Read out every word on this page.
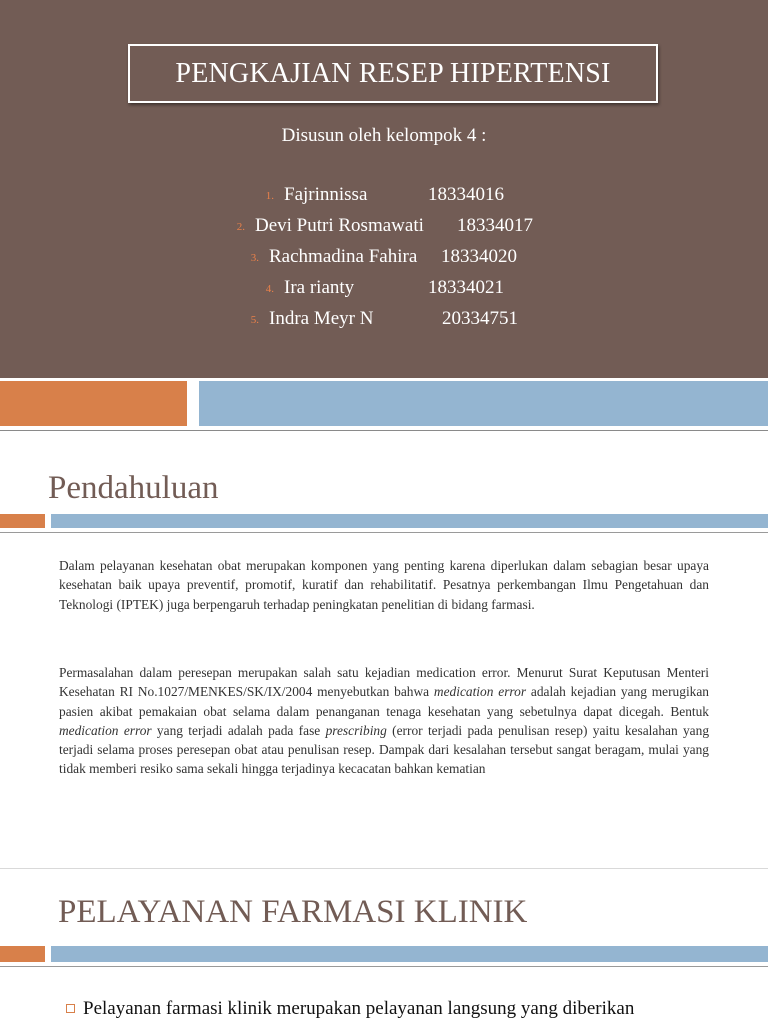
PENGKAJIAN RESEP HIPERTENSI
Disusun oleh kelompok 4 :
1. Fajrinnissa	18334016
2. Devi Putri Rosmawati 18334017
3. Rachmadina Fahira 18334020
4. Ira rianty	18334021
5. Indra Meyr N	20334751
Pendahuluan

Dalam pelayanan kesehatan obat merupakan komponen yang penting karena diperlukan dalam sebagian besar upaya kesehatan baik upaya preventif, promotif, kuratif dan rehabilitatif. Pesatnya perkembangan Ilmu Pengetahuan dan Teknologi (IPTEK) juga berpengaruh terhadap peningkatan penelitian di bidang farmasi.

Permasalahan dalam peresepan merupakan salah satu kejadian medication error. Menurut Surat Keputusan Menteri Kesehatan RI No.1027/MENKES/SK/IX/2004 menyebutkan bahwa medication error adalah kejadian yang merugikan pasien akibat pemakaian obat selama dalam penanganan tenaga kesehatan yang sebetulnya dapat dicegah. Bentuk medication error yang terjadi adalah pada fase prescribing (error terjadi pada penulisan resep) yaitu kesalahan yang terjadi selama proses peresepan obat atau penulisan resep. Dampak dari kesalahan tersebut sangat beragam, mulai yang tidak memberi resiko sama sekali hingga terjadinya kecacatan bahkan kematian

PELAYANAN FARMASI KLINIK
Pelayanan farmasi klinik merupakan pelayanan langsung yang diberikan
